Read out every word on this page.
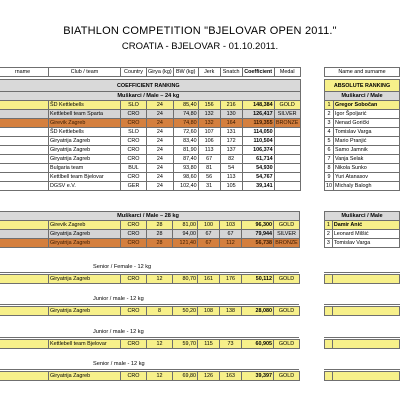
BIATHLON COMPETITION "BJELOVAR OPEN 2011."
CROATIA - BJELOVAR - 01.10.2011.
rname	Club / team	Country	Girya (kg)	BW (kg)	Jerk	Snatch	Coefficient	Medal

COEFFICIENT RANKING								
Muškarci / Male – 24 kg								
	ŠD Kettlebells	SLO	24	85,40	156	216	148,384	GOLD
	Kettlebell team Sparta	CRO	24	74,80	132	130	126,417	SILVER
	Girevik Zagreb	CRO	24	74,80	132	164	119,355	BRONZE
	ŠD Kettlebells	SLO	24	72,60	107	131	114,050	
	Giryatrija Zagreb	CRO	24	83,40	106	172	110,504	
	Giryatrija Zagreb	CRO	24	81,90	113	137	106,374	
	Giryatrija Zagreb	CRO	24	87,40	67	82	61,714	
	Bulgaria team	BUL	24	93,80	81	54	54,930	
	Kettlbell team Bjelovar	CRO	24	98,60	56	113	54,767	
	DGSV e.V.	GER	24	102,40	31	105	39,141	
Name and surname	

ABSOLUTE RANKING	
Muškarci / Male	
1	Gregor Sobočan
2	Igor Špoljarić
3	Nenad Gorički
4	Tomislav Varga
5	Mario Pranjić
6	Samo Jamnik
7	Vanja Selak
8	Nikola Sunko
9	Yuri Atanasov
10	Michaly Balogh
Muškarci / Male – 28 kg								
	Girevik Zagreb	CRO	28	81,00	100	103	96,300	GOLD
	Giryatrija Zagreb	CRO	28	94,00	67	67	79,944	SILVER
	Giryatrija Zagreb	CRO	28	121,40	67	112	56,738	BRONZE
Muškarci / Male	
1	Damir Anić
2	Leonard Milšić
3	Tomislav Varga
Senior / Female - 12 kg
	Giryatrija Zagreb	CRO	12	80,70	161	176	50,112	GOLD

Junior / male - 12 kg
	Giryatrija Zagreb	CRO	8	50,20	108	138	28,080	GOLD

Junior / male - 12 kg
	Kettlebell team Bjelovar	CRO	12	59,70	115	73	60,905	GOLD

Senior / male - 12 kg
	Giryatrija Zagreb	CRO	12	69,80	126	163	39,397	GOLD
